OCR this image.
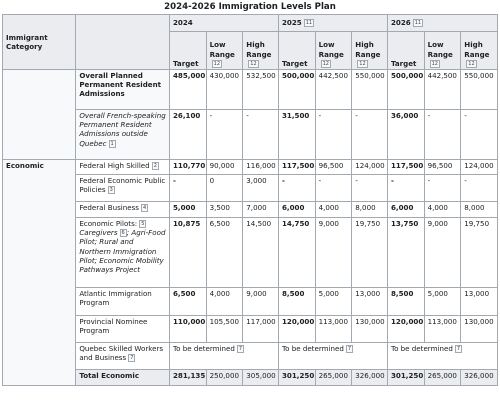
2024-2026 Immigration Levels Plan
Immigrant Category		2024			2025 11			2026 11		
		Target	Low Range12	High Range12	Target	Low Range12	High Range12	Target	Low Range12	High Range12
	Overall Planned Permanent Resident Admissions	485,000	430,000	532,500	500,000	442,500	550,000	500,000	442,500	550,000
	Overall French-speaking Permanent Resident Admissions outside Quebec 1	26,100	-	-	31,500	-	-	36,000	-	-
Economic	Federal High Skilled 2	110,770	90,000	116,000	117,500	96,500	124,000	117,500	96,500	124,000
	Federal Economic Public Policies 3	-	0	3,000	-	-	-	-	-	-
	Federal Business 4	5,000	3,500	7,000	6,000	4,000	8,000	6,000	4,000	8,000
	Economic Pilots: 5 Caregivers 6 ; Agri-Food Pilot; Rural and Northern Immigration Pilot; Economic Mobility Pathways Project	10,875	6,500	14,500	14,750	9,000	19,750	13,750	9,000	19,750
	Atlantic Immigration Program	6,500	4,000	9,000	8,500	5,000	13,000	8,500	5,000	13,000
	Provincial Nominee Program	110,000	105,500	117,000	120,000	113,000	130,000	120,000	113,000	130,000
	Quebec Skilled Workers and Business 7	To be determined 7			To be determined 7			To be determined 7		
	Total Economic	281,135	250,000	305,000	301,250	265,000	326,000	301,250	265,000	326,000
